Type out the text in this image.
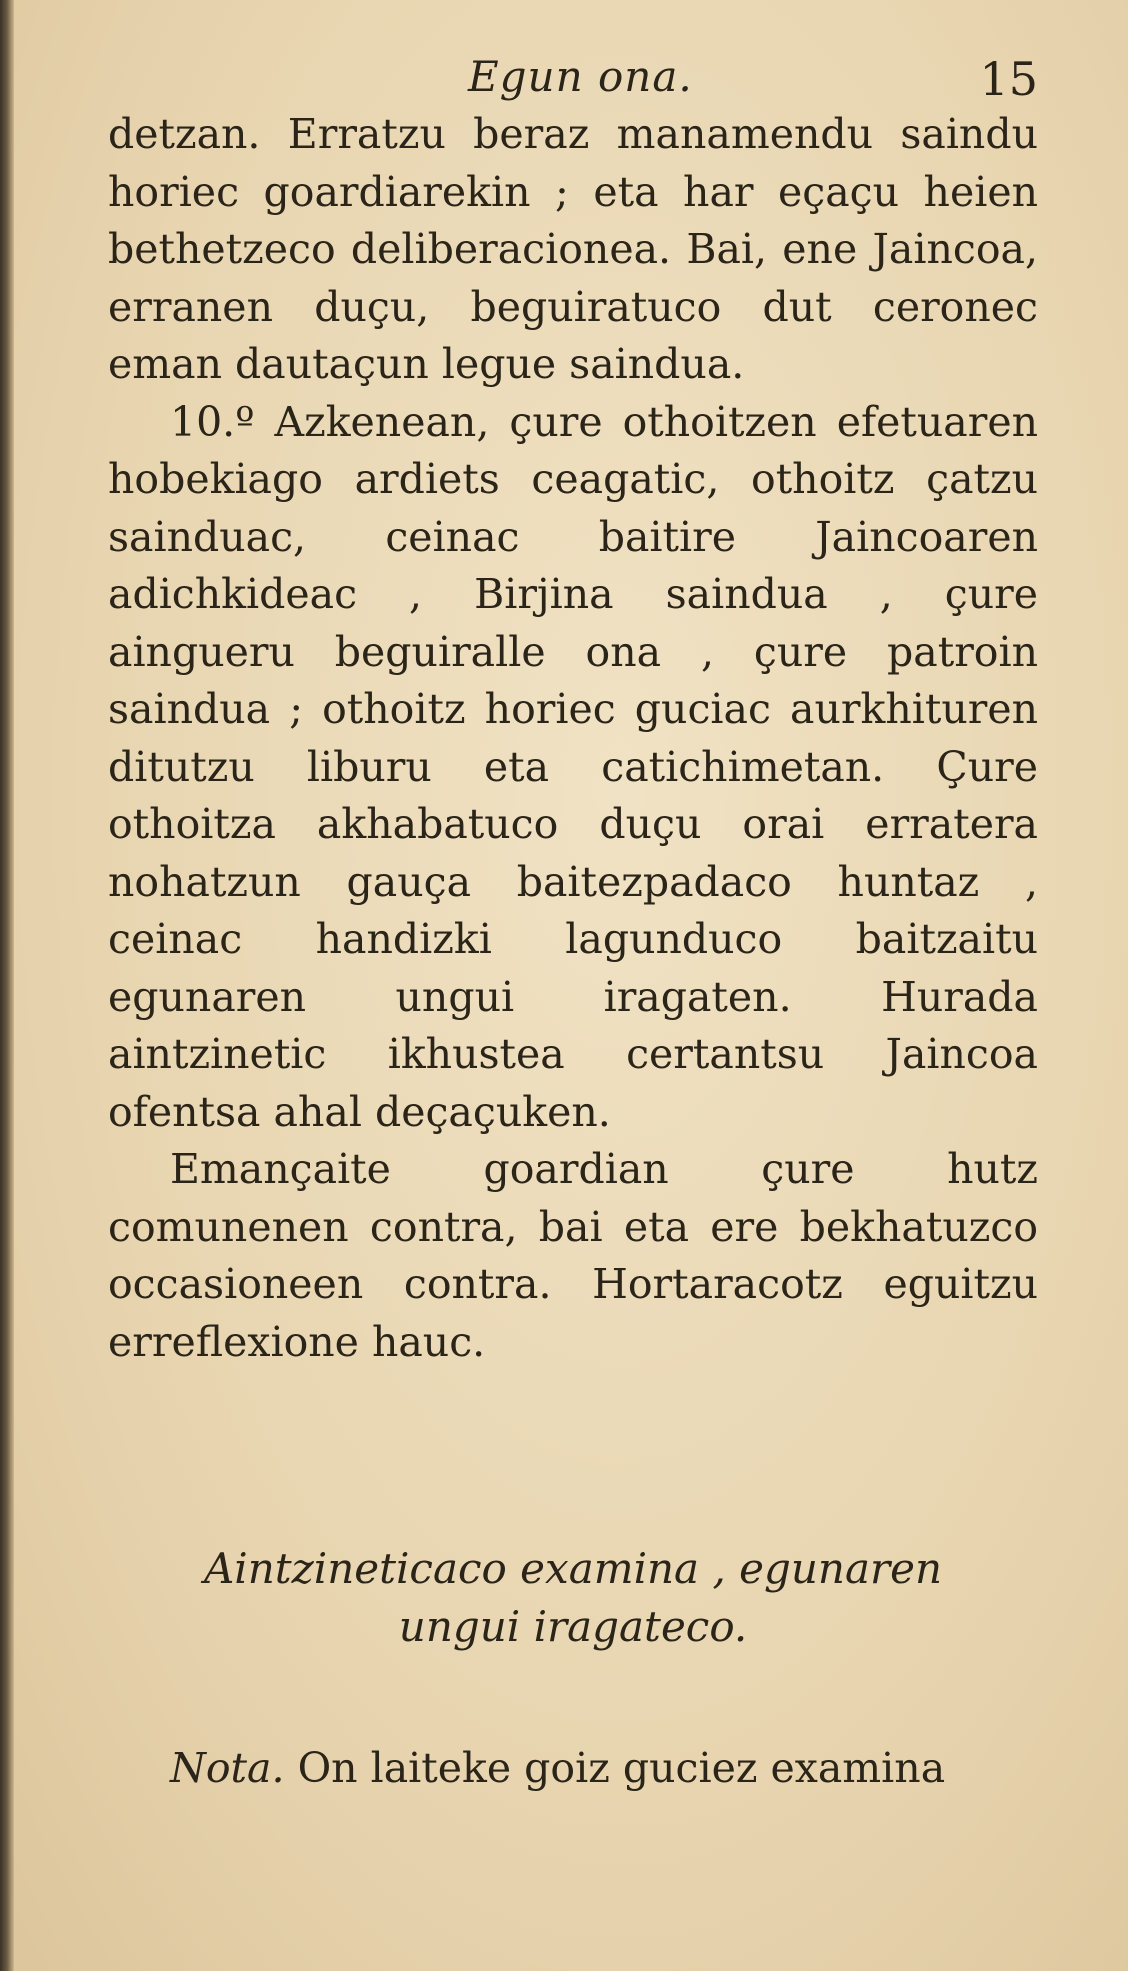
Egun ona.	15

detzan. Erratzu beraz manamendu saindu horiec goardiarekin ; eta har eçaçu heien bethetzeco deliberacionea. Bai, ene Jaincoa, erranen duçu, beguiratuco dut ceronec eman dautaçun legue saindua.

10.º Azkenean, çure othoitzen efetuaren hobekiago ardiets ceagatic, othoitz çatzu sainduac, ceinac baitire Jaincoaren adichkideac , Birjina saindua , çure aingueru beguiralle ona , çure patroin saindua ; othoitz horiec guciac aurkhituren ditutzu liburu eta catichimetan. Çure othoitza akhabatuco duçu orai erratera nohatzun gauça baitezpadaco huntaz , ceinac handizki lagunduco baitzaitu egunaren ungui iragaten. Hurada aintzinetic ikhustea certantsu Jaincoa ofentsa ahal deçaçuken.

Emançaite goardian çure hutz comunenen contra, bai eta ere bekhatuzco occasioneen contra. Hortaracotz eguitzu erreflexione hauc.

Aintzineticaco examina , egunaren
ungui iragateco.
Nota. On laiteke goiz guciez examina
